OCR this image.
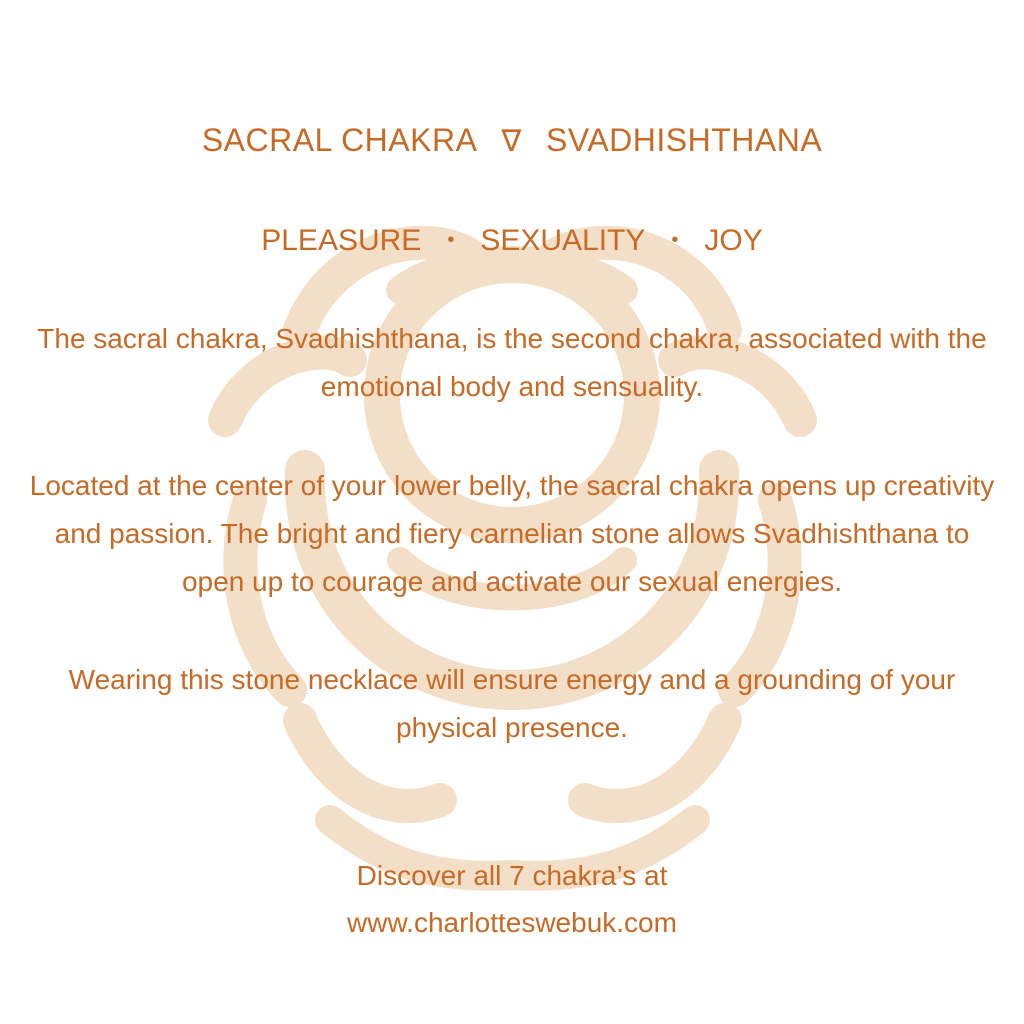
SACRAL CHAKRA ∇ SVADHISHTHANA
PLEASURE • SEXUALITY • JOY
The sacral chakra, Svadhishthana, is the second chakra, associated with the emotional body and sensuality.
Located at the center of your lower belly, the sacral chakra opens up creativity and passion. The bright and fiery carnelian stone allows Svadhishthana to open up to courage and activate our sexual energies.
Wearing this stone necklace will ensure energy and a grounding of your physical presence.
Discover all 7 chakra’s at
www.charlotteswebuk.com
